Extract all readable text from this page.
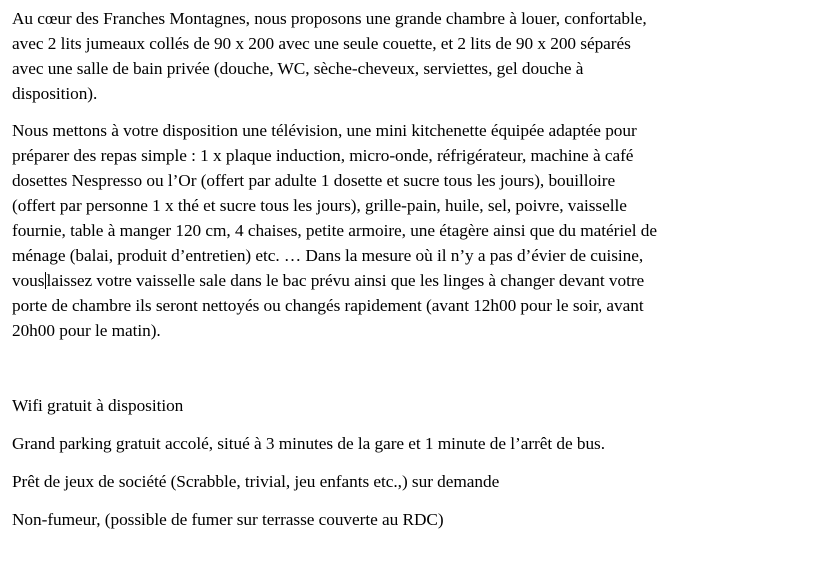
Au cœur des Franches Montagnes, nous proposons une grande chambre à louer, confortable,
avec 2 lits jumeaux collés de 90 x 200 avec une seule couette, et 2 lits de 90 x 200 séparés
avec une salle de bain privée (douche, WC, sèche-cheveux, serviettes, gel douche à
disposition).
Nous mettons à votre disposition une télévision, une mini kitchenette équipée adaptée pour
préparer des repas simple : 1 x plaque induction, micro-onde, réfrigérateur, machine à café
dosettes Nespresso ou l’Or (offert par adulte 1 dosette et sucre tous les jours), bouilloire
(offert par personne 1 x thé et sucre tous les jours), grille-pain, huile, sel, poivre, vaisselle
fournie, table à manger 120 cm, 4 chaises, petite armoire, une étagère ainsi que du matériel de
ménage (balai, produit d’entretien) etc. … Dans la mesure où il n’y a pas d’évier de cuisine,
vous laissez votre vaisselle sale dans le bac prévu ainsi que les linges à changer devant votre
porte de chambre ils seront nettoyés ou changés rapidement (avant 12h00 pour le soir, avant
20h00 pour le matin).
Wifi gratuit à disposition
Grand parking gratuit accolé, situé à 3 minutes de la gare et 1 minute de l’arrêt de bus.
Prêt de jeux de société (Scrabble, trivial, jeu enfants etc.,) sur demande
Non-fumeur, (possible de fumer sur terrasse couverte au RDC)
